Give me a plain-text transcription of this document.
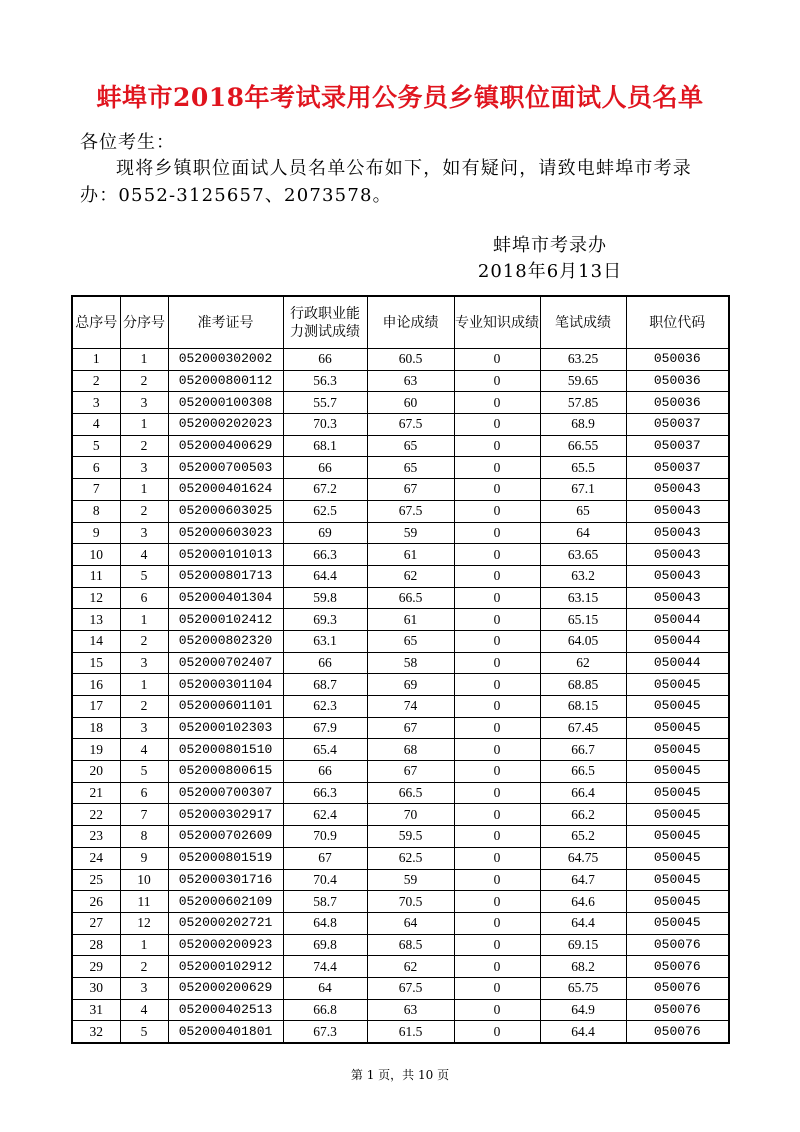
蚌埠市2018年考试录用公务员乡镇职位面试人员名单
各位考生：
现将乡镇职位面试人员名单公布如下，如有疑问，请致电蚌埠市考录办：0552-3125657、2073578。
蚌埠市考录办
2018年6月13日
总序号	分序号	准考证号	行政职业能力测试成绩	申论成绩	专业知识成绩	笔试成绩	职位代码
1	1	052000302002	66	60.5	0	63.25	050036
2	2	052000800112	56.3	63	0	59.65	050036
3	3	052000100308	55.7	60	0	57.85	050036
4	1	052000202023	70.3	67.5	0	68.9	050037
5	2	052000400629	68.1	65	0	66.55	050037
6	3	052000700503	66	65	0	65.5	050037
7	1	052000401624	67.2	67	0	67.1	050043
8	2	052000603025	62.5	67.5	0	65	050043
9	3	052000603023	69	59	0	64	050043
10	4	052000101013	66.3	61	0	63.65	050043
11	5	052000801713	64.4	62	0	63.2	050043
12	6	052000401304	59.8	66.5	0	63.15	050043
13	1	052000102412	69.3	61	0	65.15	050044
14	2	052000802320	63.1	65	0	64.05	050044
15	3	052000702407	66	58	0	62	050044
16	1	052000301104	68.7	69	0	68.85	050045
17	2	052000601101	62.3	74	0	68.15	050045
18	3	052000102303	67.9	67	0	67.45	050045
19	4	052000801510	65.4	68	0	66.7	050045
20	5	052000800615	66	67	0	66.5	050045
21	6	052000700307	66.3	66.5	0	66.4	050045
22	7	052000302917	62.4	70	0	66.2	050045
23	8	052000702609	70.9	59.5	0	65.2	050045
24	9	052000801519	67	62.5	0	64.75	050045
25	10	052000301716	70.4	59	0	64.7	050045
26	11	052000602109	58.7	70.5	0	64.6	050045
27	12	052000202721	64.8	64	0	64.4	050045
28	1	052000200923	69.8	68.5	0	69.15	050076
29	2	052000102912	74.4	62	0	68.2	050076
30	3	052000200629	64	67.5	0	65.75	050076
31	4	052000402513	66.8	63	0	64.9	050076
32	5	052000401801	67.3	61.5	0	64.4	050076
第 1 页，共 10 页
